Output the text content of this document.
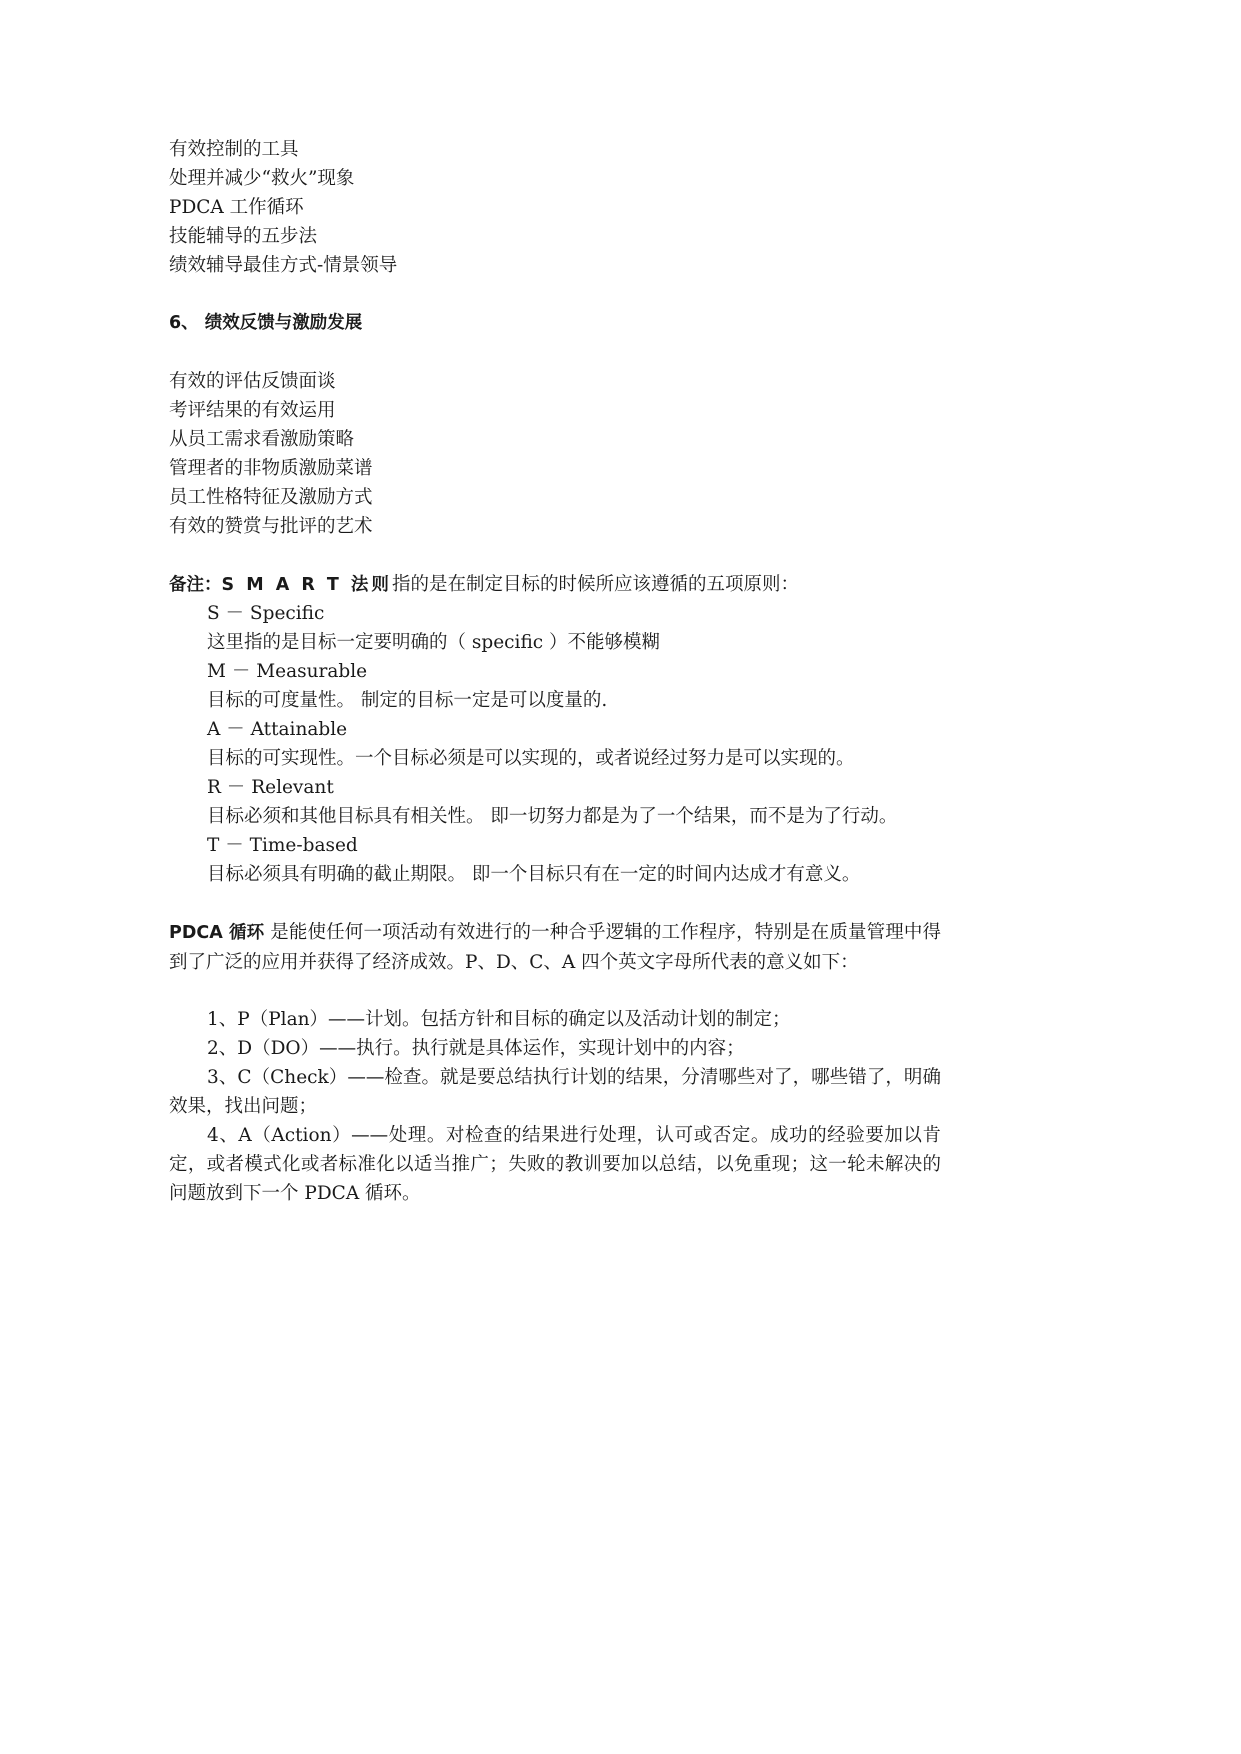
有效控制的工具
处理并减少“救火”现象
PDCA 工作循环
技能辅导的五步法
绩效辅导最佳方式-情景领导
6、 绩效反馈与激励发展
有效的评估反馈面谈
考评结果的有效运用
从员工需求看激励策略
管理者的非物质激励菜谱
员工性格特征及激励方式
有效的赞赏与批评的艺术
备注：S M A R T 法则指的是在制定目标的时候所应该遵循的五项原则：
S － Specific
这里指的是目标一定要明确的（ specific ）不能够模糊
M － Measurable
目标的可度量性。 制定的目标一定是可以度量的.
A － Attainable
目标的可实现性。一个目标必须是可以实现的，或者说经过努力是可以实现的。
R － Relevant
目标必须和其他目标具有相关性。 即一切努力都是为了一个结果，而不是为了行动。
T － Time-based
目标必须具有明确的截止期限。 即一个目标只有在一定的时间内达成才有意义。

PDCA 循环 是能使任何一项活动有效进行的一种合乎逻辑的工作程序，特别是在质量管理中得到了广泛的应用并获得了经济成效。P、D、C、A 四个英文字母所代表的意义如下：

1、P（Plan）——计划。包括方针和目标的确定以及活动计划的制定；

2、D（DO）——执行。执行就是具体运作，实现计划中的内容；

3、C（Check）——检查。就是要总结执行计划的结果，分清哪些对了，哪些错了，明确效果，找出问题；

4、A（Action）——处理。对检查的结果进行处理，认可或否定。成功的经验要加以肯定，或者模式化或者标准化以适当推广；失败的教训要加以总结，以免重现；这一轮未解决的问题放到下一个 PDCA 循环。
